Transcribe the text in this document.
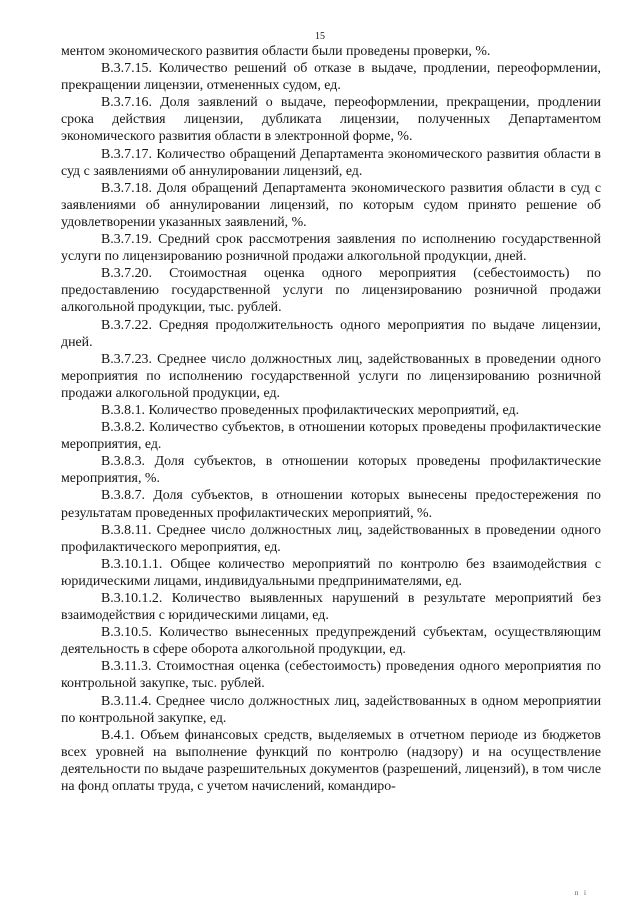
15

ментом экономического развития области были проведены проверки, %.

В.3.7.15. Количество решений об отказе в выдаче, продлении, переоформлении, прекращении лицензии, отмененных судом, ед.

В.3.7.16. Доля заявлений о выдаче, переоформлении, прекращении, продлении срока действия лицензии, дубликата лицензии, полученных Департаментом экономического развития области в электронной форме, %.

В.3.7.17. Количество обращений Департамента экономического развития области в суд с заявлениями об аннулировании лицензий, ед.

В.3.7.18. Доля обращений Департамента экономического развития области в суд с заявлениями об аннулировании лицензий, по которым судом принято решение об удовлетворении указанных заявлений, %.

В.3.7.19. Средний срок рассмотрения заявления по исполнению государственной услуги по лицензированию розничной продажи алкогольной продукции, дней.

В.3.7.20. Стоимостная оценка одного мероприятия (себестоимость) по предоставлению государственной услуги по лицензированию розничной продажи алкогольной продукции, тыс. рублей.

В.3.7.22. Средняя продолжительность одного мероприятия по выдаче лицензии, дней.

В.3.7.23. Среднее число должностных лиц, задействованных в проведении одного мероприятия по исполнению государственной услуги по лицензированию розничной продажи алкогольной продукции, ед.

В.3.8.1. Количество проведенных профилактических мероприятий, ед.

В.3.8.2. Количество субъектов, в отношении которых проведены профилактические мероприятия, ед.

В.3.8.3. Доля субъектов, в отношении которых проведены профилактические мероприятия, %.

В.3.8.7. Доля субъектов, в отношении которых вынесены предостережения по результатам проведенных профилактических мероприятий, %.

В.3.8.11. Среднее число должностных лиц, задействованных в проведении одного профилактического мероприятия, ед.

В.3.10.1.1. Общее количество мероприятий по контролю без взаимодействия с юридическими лицами, индивидуальными предпринимателями, ед.

В.3.10.1.2. Количество выявленных нарушений в результате мероприятий без взаимодействия с юридическими лицами, ед.

В.3.10.5. Количество вынесенных предупреждений субъектам, осуществляющим деятельность в сфере оборота алкогольной продукции, ед.

В.3.11.3. Стоимостная оценка (себестоимость) проведения одного мероприятия по контрольной закупке, тыс. рублей.

В.3.11.4. Среднее число должностных лиц, задействованных в одном мероприятии по контрольной закупке, ед.

В.4.1. Объем финансовых средств, выделяемых в отчетном периоде из бюджетов всех уровней на выполнение функций по контролю (надзору) и на осуществление деятельности по выдаче разрешительных документов (разрешений, лицензий), в том числе на фонд оплаты труда, с учетом начислений, командиро-

п і
